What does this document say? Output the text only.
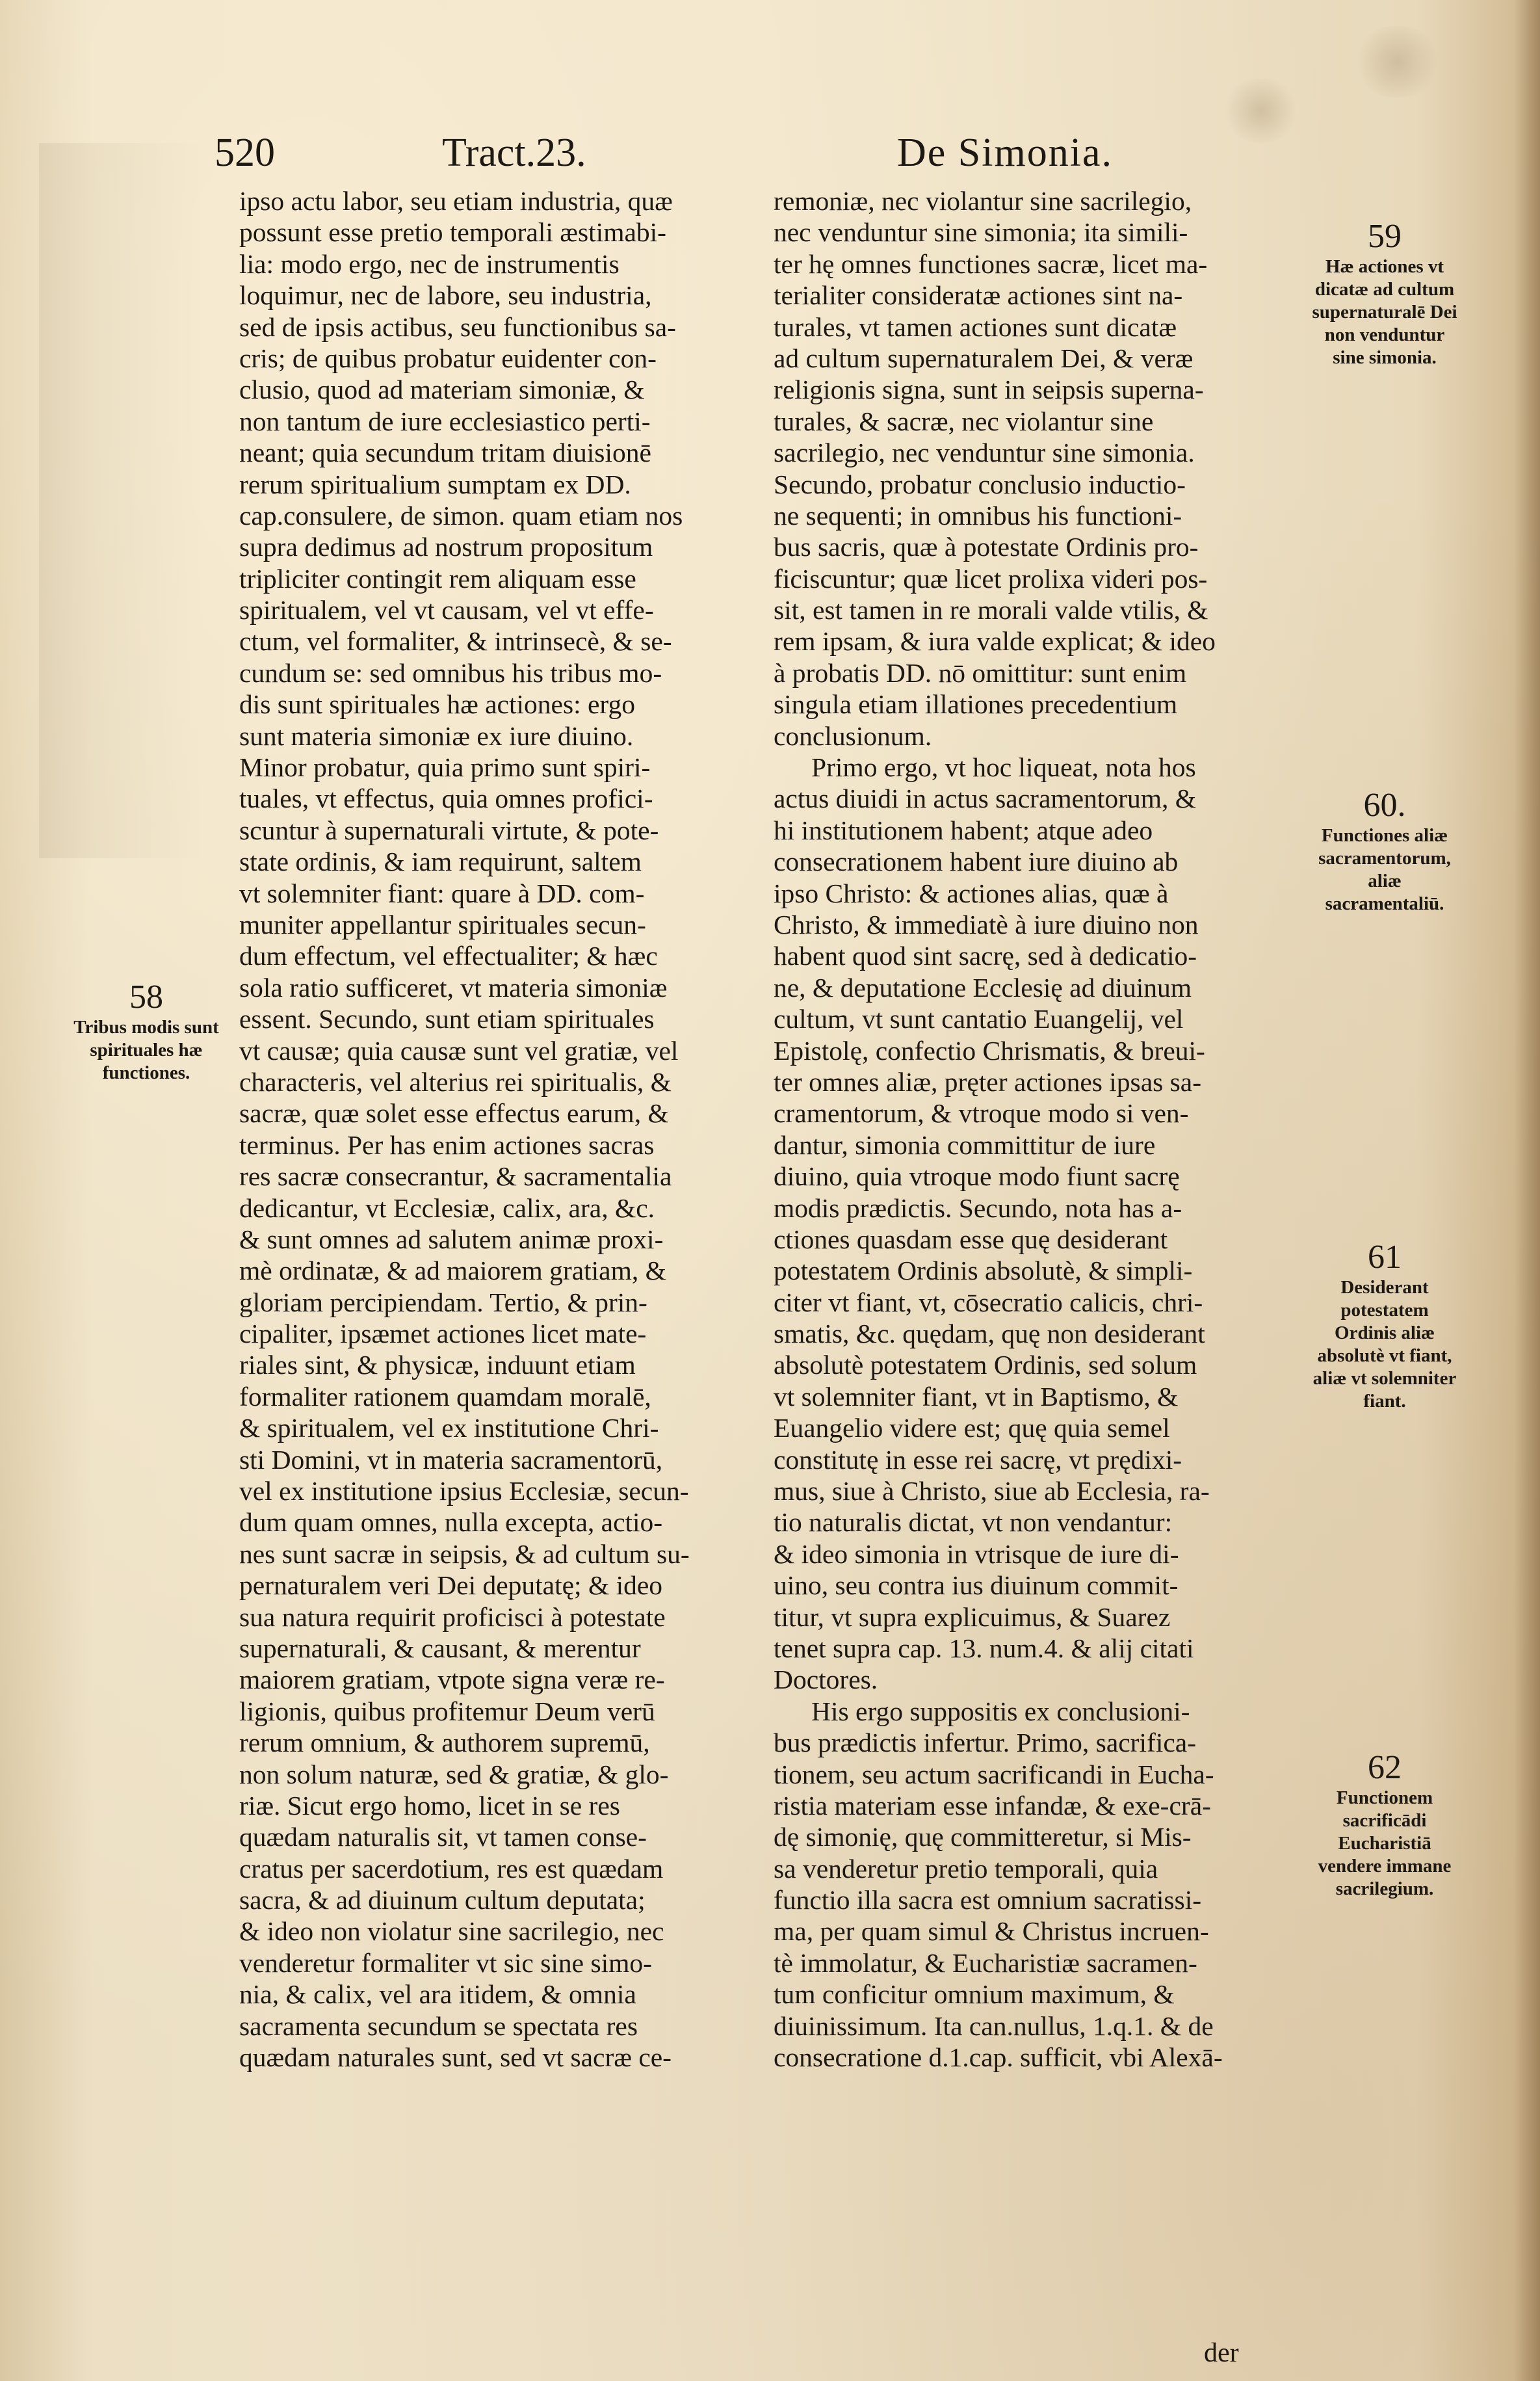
520	Tract.23.	De Simonia.
ipso actu labor, seu etiam industria, quæ
possunt esse pretio temporali æstimabi-
lia: modo ergo, nec de instrumentis
loquimur, nec de labore, seu industria,
sed de ipsis actibus, seu functionibus sa-
cris; de quibus probatur euidenter con-
clusio, quod ad materiam simoniæ, &
non tantum de iure ecclesiastico perti-
neant; quia secundum tritam diuisionē
rerum spiritualium sumptam ex DD.
cap.consulere, de simon. quam etiam nos
supra dedimus ad nostrum propositum
tripliciter contingit rem aliquam esse
spiritualem, vel vt causam, vel vt effe-
ctum, vel formaliter, & intrinsecè, & se-
cundum se: sed omnibus his tribus mo-
dis sunt spirituales hæ actiones: ergo
sunt materia simoniæ ex iure diuino.
Minor probatur, quia primo sunt spiri-
tuales, vt effectus, quia omnes profici-
scuntur à supernaturali virtute, & pote-
state ordinis, & iam requirunt, saltem
vt solemniter fiant: quare à DD. com-
muniter appellantur spirituales secun-
dum effectum, vel effectualiter; & hæc
sola ratio sufficeret, vt materia simoniæ
essent. Secundo, sunt etiam spirituales
vt causæ; quia causæ sunt vel gratiæ, vel
characteris, vel alterius rei spiritualis, &
sacræ, quæ solet esse effectus earum, &
terminus. Per has enim actiones sacras
res sacræ consecrantur, & sacramentalia
dedicantur, vt Ecclesiæ, calix, ara, &c.
& sunt omnes ad salutem animæ proxi-
mè ordinatæ, & ad maiorem gratiam, &
gloriam percipiendam. Tertio, & prin-
cipaliter, ipsæmet actiones licet mate-
riales sint, & physicæ, induunt etiam
formaliter rationem quamdam moralē,
& spiritualem, vel ex institutione Chri-
sti Domini, vt in materia sacramentorū,
vel ex institutione ipsius Ecclesiæ, secun-
dum quam omnes, nulla excepta, actio-
nes sunt sacræ in seipsis, & ad cultum su-
pernaturalem veri Dei deputatę; & ideo
sua natura requirit proficisci à potestate
supernaturali, & causant, & merentur
maiorem gratiam, vtpote signa veræ re-
ligionis, quibus profitemur Deum verū
rerum omnium, & authorem supremū,
non solum naturæ, sed & gratiæ, & glo-
riæ. Sicut ergo homo, licet in se res
quædam naturalis sit, vt tamen conse-
cratus per sacerdotium, res est quædam
sacra, & ad diuinum cultum deputata;
& ideo non violatur sine sacrilegio, nec
venderetur formaliter vt sic sine simo-
nia, & calix, vel ara itidem, & omnia
sacramenta secundum se spectata res
quædam naturales sunt, sed vt sacræ ce-
remoniæ, nec violantur sine sacrilegio,
nec venduntur sine simonia; ita simili-
ter hę omnes functiones sacræ, licet ma-
terialiter consideratæ actiones sint na-
turales, vt tamen actiones sunt dicatæ
ad cultum supernaturalem Dei, & veræ
religionis signa, sunt in seipsis superna-
turales, & sacræ, nec violantur sine
sacrilegio, nec venduntur sine simonia.
Secundo, probatur conclusio inductio-
ne sequenti; in omnibus his functioni-
bus sacris, quæ à potestate Ordinis pro-
ficiscuntur; quæ licet prolixa videri pos-
sit, est tamen in re morali valde vtilis, &
rem ipsam, & iura valde explicat; & ideo
à probatis DD. nō omittitur: sunt enim
singula etiam illationes precedentium
conclusionum.
Primo ergo, vt hoc liqueat, nota hos
actus diuidi in actus sacramentorum, &
hi institutionem habent; atque adeo
consecrationem habent iure diuino ab
ipso Christo: & actiones alias, quæ à
Christo, & immediatè à iure diuino non
habent quod sint sacrę, sed à dedicatio-
ne, & deputatione Ecclesię ad diuinum
cultum, vt sunt cantatio Euangelij, vel
Epistolę, confectio Chrismatis, & breui-
ter omnes aliæ, pręter actiones ipsas sa-
cramentorum, & vtroque modo si ven-
dantur, simonia committitur de iure
diuino, quia vtroque modo fiunt sacrę
modis prædictis. Secundo, nota has a-
ctiones quasdam esse quę desiderant
potestatem Ordinis absolutè, & simpli-
citer vt fiant, vt, cōsecratio calicis, chri-
smatis, &c. quędam, quę non desiderant
absolutè potestatem Ordinis, sed solum
vt solemniter fiant, vt in Baptismo, &
Euangelio videre est; quę quia semel
constitutę in esse rei sacrę, vt prędixi-
mus, siue à Christo, siue ab Ecclesia, ra-
tio naturalis dictat, vt non vendantur:
& ideo simonia in vtrisque de iure di-
uino, seu contra ius diuinum commit-
titur, vt supra explicuimus, & Suarez
tenet supra cap. 13. num.4. & alij citati
Doctores.
His ergo suppositis ex conclusioni-
bus prædictis infertur. Primo, sacrifica-
tionem, seu actum sacrificandi in Eucha-
ristia materiam esse infandæ, & exe-crā-
dę simonię, quę committeretur, si Mis-
sa venderetur pretio temporali, quia
functio illa sacra est omnium sacratissi-
ma, per quam simul & Christus incruen-
tè immolatur, & Eucharistiæ sacramen-
tum conficitur omnium maximum, &
diuinissimum. Ita can.nullus, 1.q.1. & de
consecratione d.1.cap. sufficit, vbi Alexā-
58
Tribus modis sunt spirituales hæ functiones.
59
Hæ actiones vt dicatæ ad cultum supernaturalē Dei non venduntur sine simonia.
60.
Functiones aliæ sacramentorum, aliæ sacramentaliū.
61
Desiderant potestatem Ordinis aliæ absolutè vt fiant, aliæ vt solemniter fiant.
62
Functionem sacrificādi Eucharistiā vendere immane sacrilegium.
der
